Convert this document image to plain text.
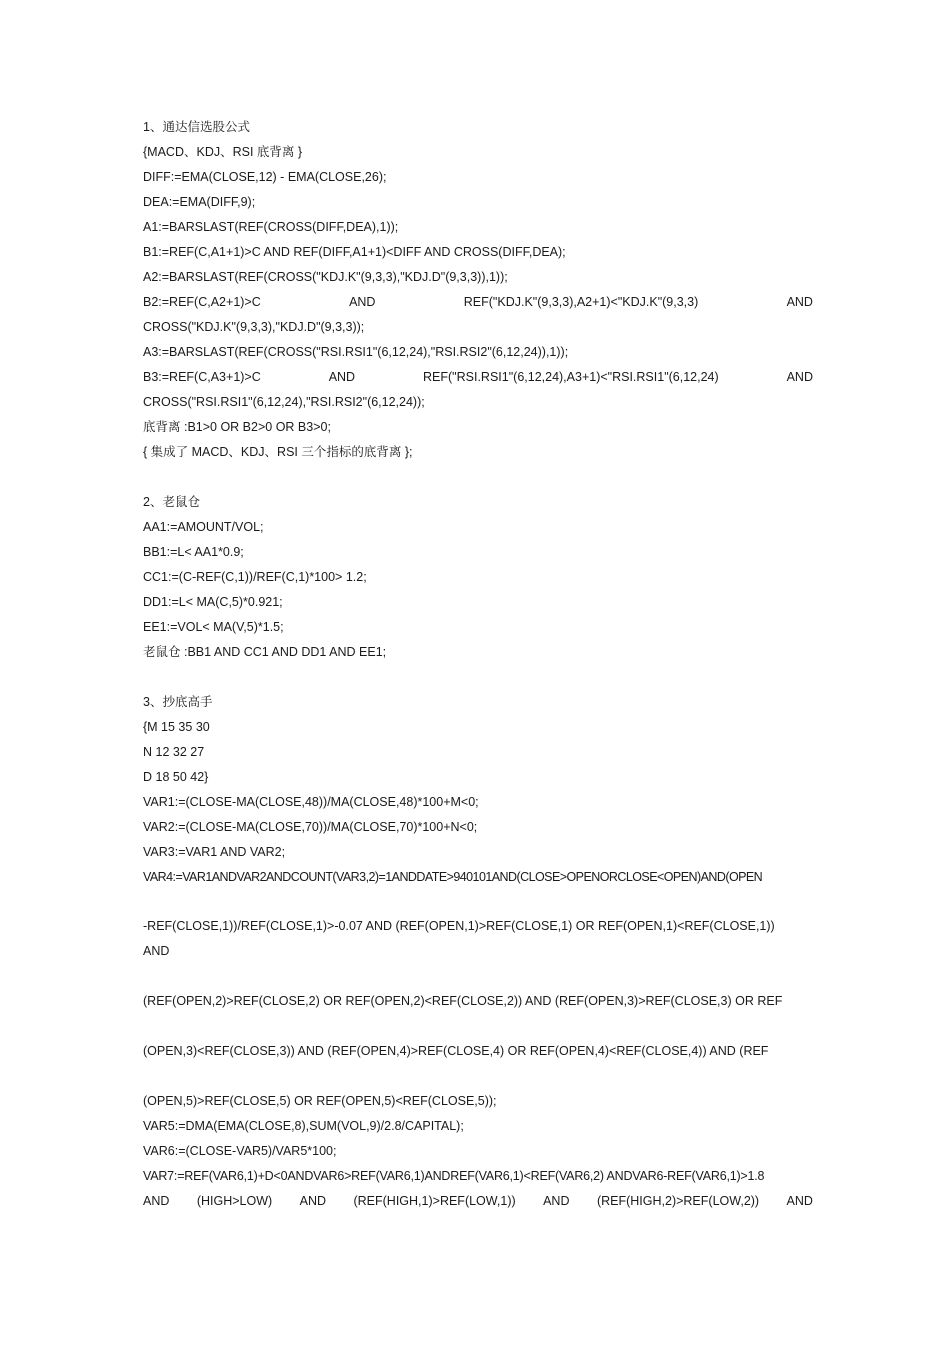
1、通达信选股公式
{MACD、KDJ、RSI 底背离 }
DIFF:=EMA(CLOSE,12) - EMA(CLOSE,26);
DEA:=EMA(DIFF,9);
A1:=BARSLAST(REF(CROSS(DIFF,DEA),1));
B1:=REF(C,A1+1)>C AND REF(DIFF,A1+1)<DIFF AND CROSS(DIFF,DEA);
A2:=BARSLAST(REF(CROSS("KDJ.K"(9,3,3),"KDJ.D"(9,3,3)),1));
B2:=REF(C,A2+1)>C	AND	REF("KDJ.K"(9,3,3),A2+1)<"KDJ.K"(9,3,3)	AND
CROSS("KDJ.K"(9,3,3),"KDJ.D"(9,3,3));
A3:=BARSLAST(REF(CROSS("RSI.RSI1"(6,12,24),"RSI.RSI2"(6,12,24)),1));
B3:=REF(C,A3+1)>C	AND	REF("RSI.RSI1"(6,12,24),A3+1)<"RSI.RSI1"(6,12,24)	AND
CROSS("RSI.RSI1"(6,12,24),"RSI.RSI2"(6,12,24));
底背离 :B1>0 OR B2>0 OR B3>0;
{ 集成了 MACD、KDJ、RSI 三个指标的底背离 };
2、老鼠仓
AA1:=AMOUNT/VOL;
BB1:=L< AA1*0.9;
CC1:=(C-REF(C,1))/REF(C,1)*100> 1.2;
DD1:=L< MA(C,5)*0.921;
EE1:=VOL< MA(V,5)*1.5;
老鼠仓 :BB1 AND CC1 AND DD1 AND EE1;
3、抄底高手
{M 15 35 30
N 12 32 27
D 18 50 42}
VAR1:=(CLOSE-MA(CLOSE,48))/MA(CLOSE,48)*100+M<0;
VAR2:=(CLOSE-MA(CLOSE,70))/MA(CLOSE,70)*100+N<0;
VAR3:=VAR1 AND VAR2;
VAR4:=VAR1ANDVAR2ANDCOUNT(VAR3,2)=1ANDDATE>940101AND(CLOSE>OPENORCLOSE<OPEN)AND(OPEN
-REF(CLOSE,1))/REF(CLOSE,1)>-0.07 AND (REF(OPEN,1)>REF(CLOSE,1) OR REF(OPEN,1)<REF(CLOSE,1))
AND
(REF(OPEN,2)>REF(CLOSE,2) OR REF(OPEN,2)<REF(CLOSE,2)) AND (REF(OPEN,3)>REF(CLOSE,3) OR REF
(OPEN,3)<REF(CLOSE,3)) AND (REF(OPEN,4)>REF(CLOSE,4) OR REF(OPEN,4)<REF(CLOSE,4)) AND (REF
(OPEN,5)>REF(CLOSE,5) OR REF(OPEN,5)<REF(CLOSE,5));
VAR5:=DMA(EMA(CLOSE,8),SUM(VOL,9)/2.8/CAPITAL);
VAR6:=(CLOSE-VAR5)/VAR5*100;
VAR7:=REF(VAR6,1)+D<0ANDVAR6>REF(VAR6,1)ANDREF(VAR6,1)<REF(VAR6,2) ANDVAR6-REF(VAR6,1)>1.8
AND (HIGH>LOW) AND (REF(HIGH,1)>REF(LOW,1)) AND (REF(HIGH,2)>REF(LOW,2)) AND
